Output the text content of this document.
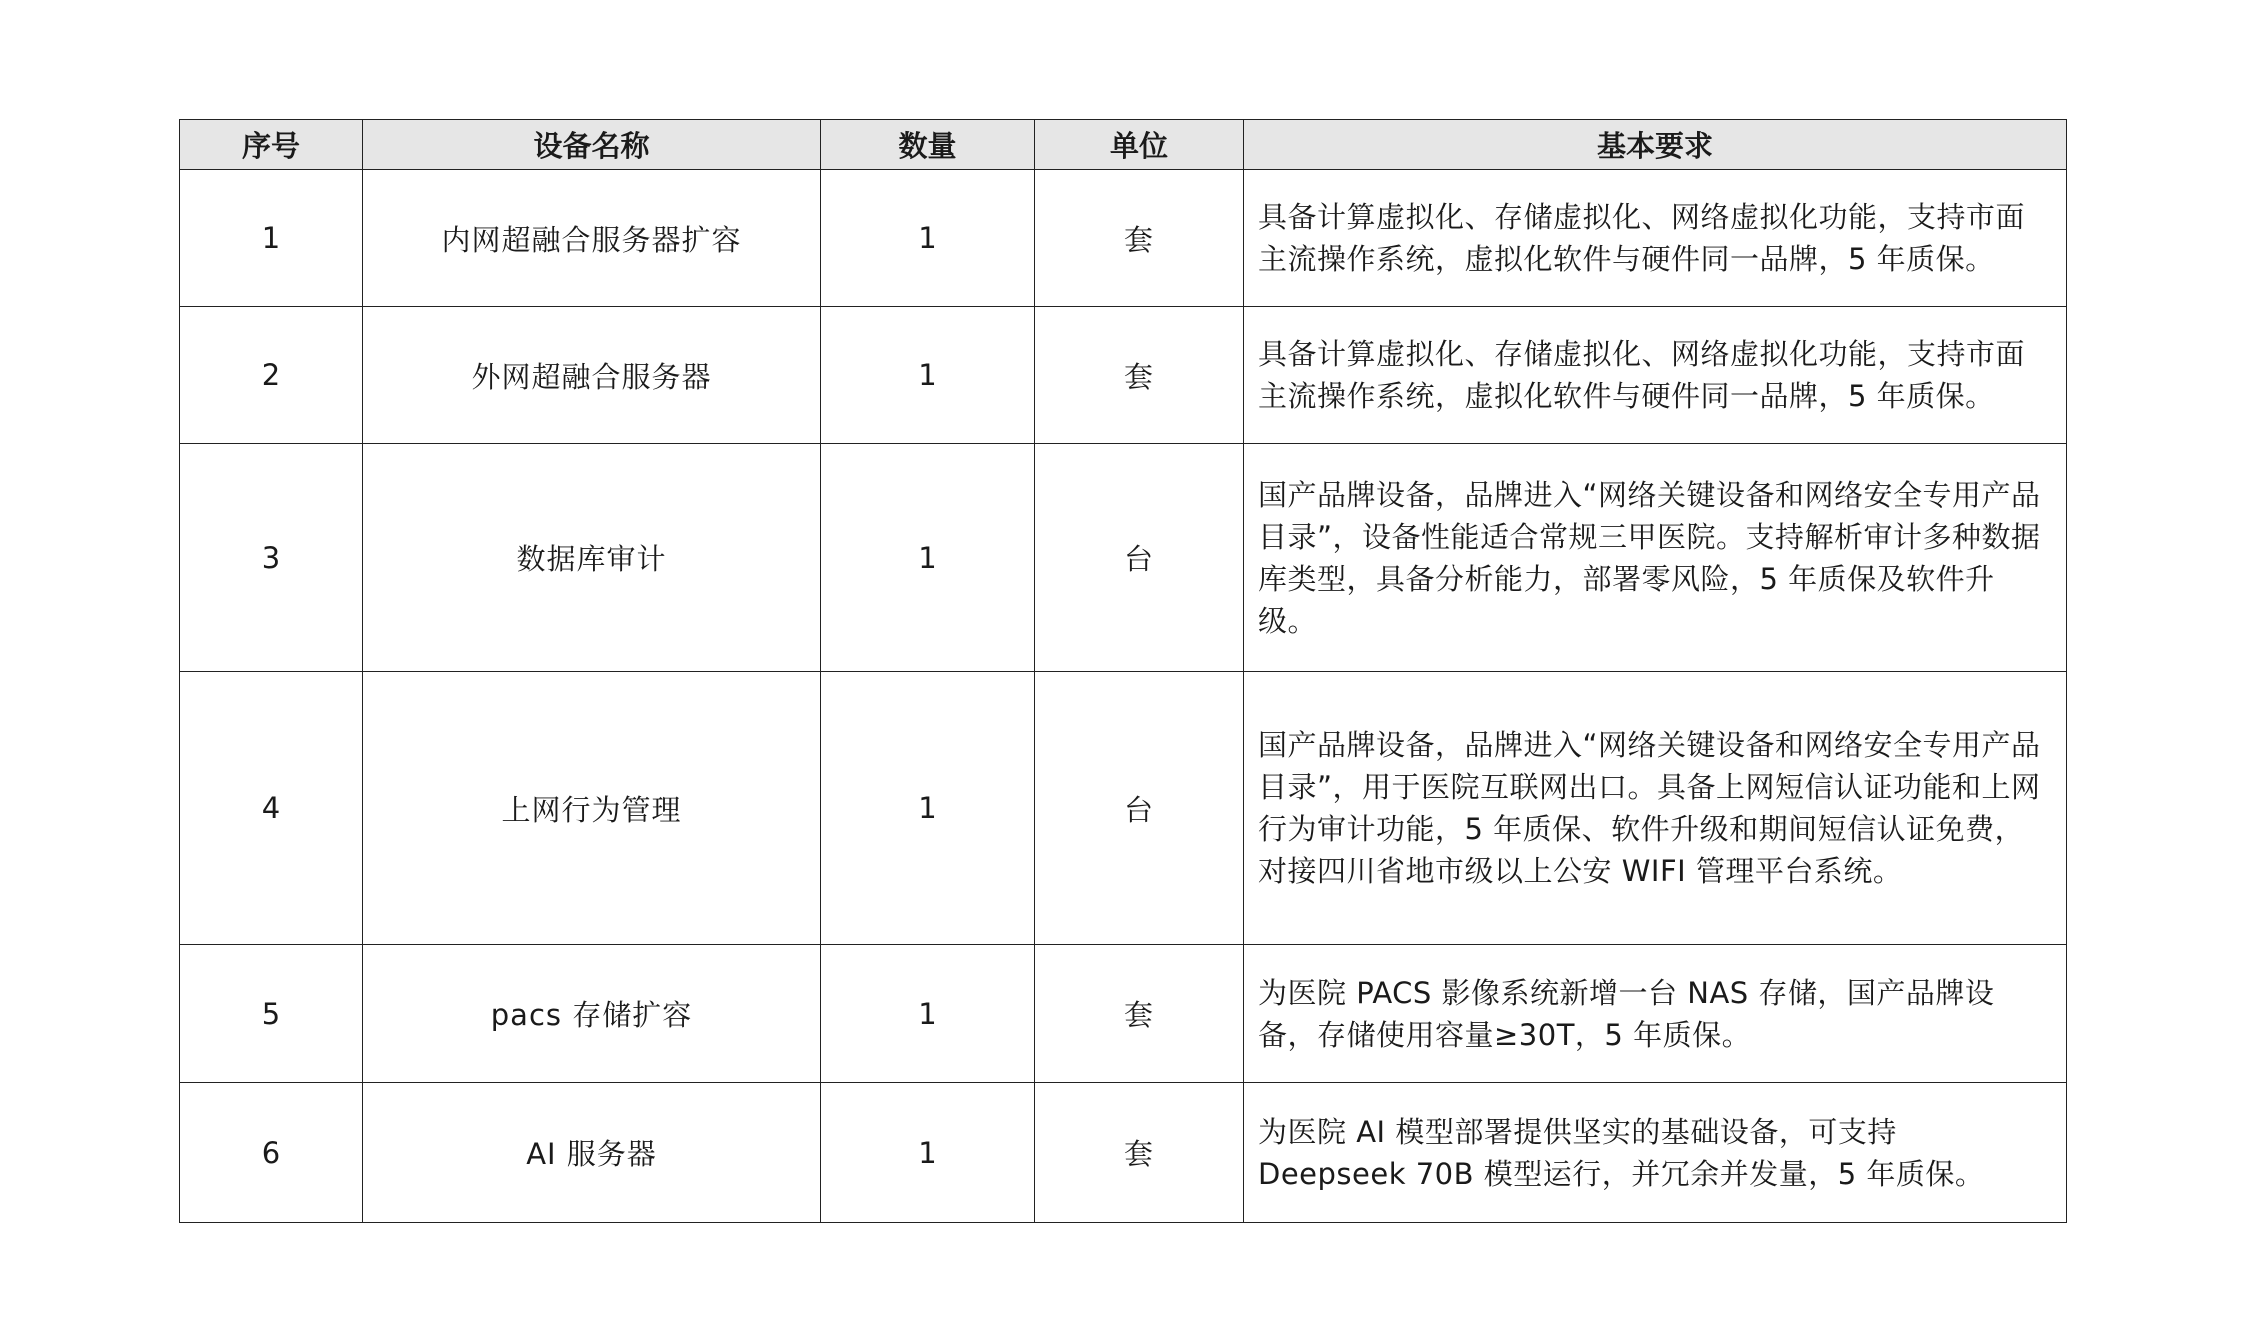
序号	设备名称	数量	单位	基本要求
1	内网超融合服务器扩容	1	套	具备计算虚拟化、存储虚拟化、网络虚拟化功能，支持市面主流操作系统，虚拟化软件与硬件同一品牌，5 年质保。
2	外网超融合服务器	1	套	具备计算虚拟化、存储虚拟化、网络虚拟化功能，支持市面主流操作系统，虚拟化软件与硬件同一品牌，5 年质保。
3	数据库审计	1	台	国产品牌设备，品牌进入“网络关键设备和网络安全专用产品目录”，设备性能适合常规三甲医院。支持解析审计多种数据库类型，具备分析能力，部署零风险，5 年质保及软件升级。
4	上网行为管理	1	台	国产品牌设备，品牌进入“网络关键设备和网络安全专用产品目录”，用于医院互联网出口。具备上网短信认证功能和上网行为审计功能，5 年质保、软件升级和期间短信认证免费，对接四川省地市级以上公安 WIFI 管理平台系统。
5	pacs 存储扩容	1	套	为医院 PACS 影像系统新增一台 NAS 存储，国产品牌设备，存储使用容量≥30T，5 年质保。
6	AI 服务器	1	套	为医院 AI 模型部署提供坚实的基础设备，可支持 Deepseek 70B 模型运行，并冗余并发量，5 年质保。
